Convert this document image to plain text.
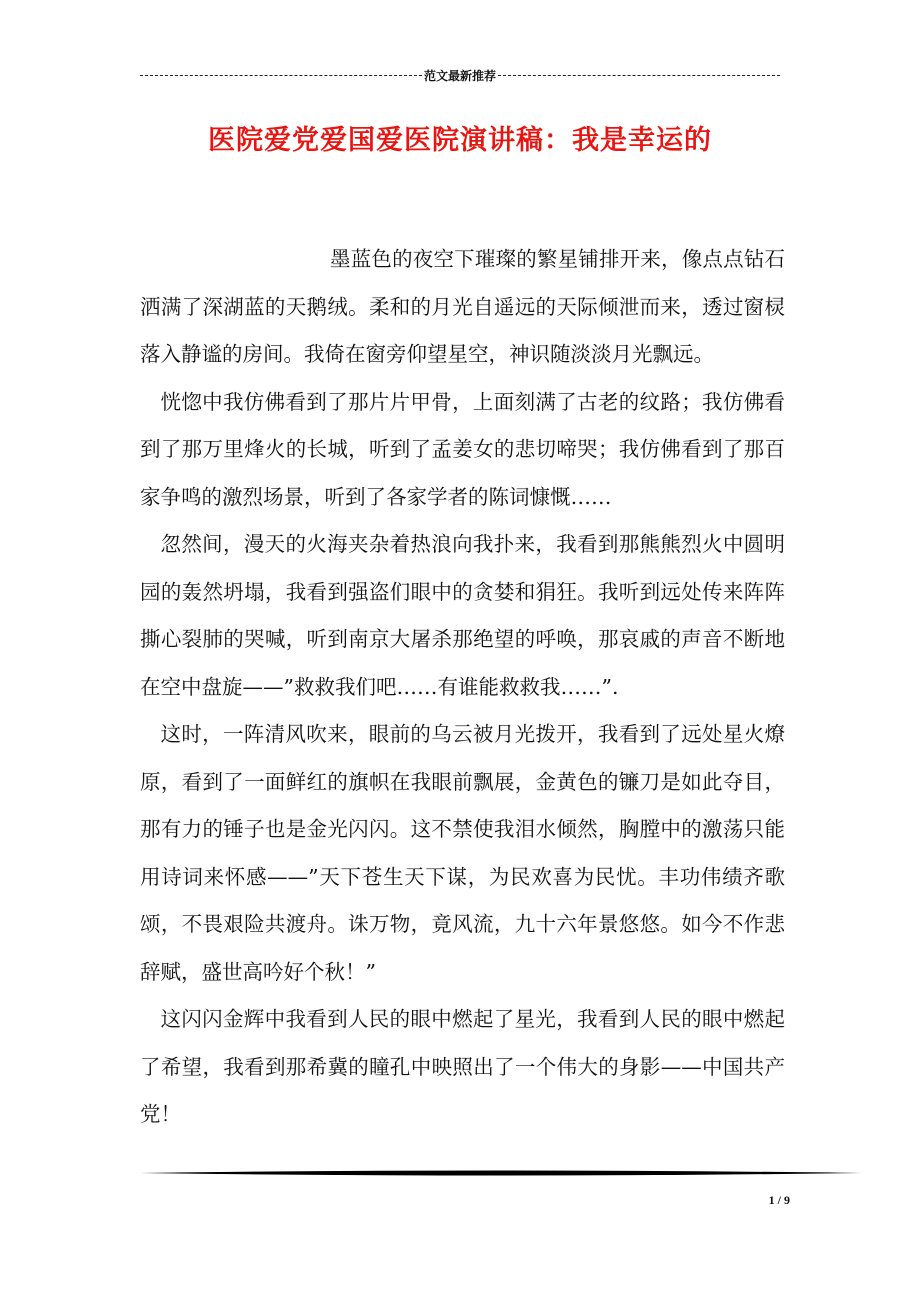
范文最新推荐
医院爱党爱国爱医院演讲稿：我是幸运的

墨蓝色的夜空下璀璨的繁星铺排开来，像点点钻石洒满了深湖蓝的天鹅绒。柔和的月光自遥远的天际倾泄而来，透过窗棂落入静谧的房间。我倚在窗旁仰望星空，神识随淡淡月光飘远。

恍惚中我仿佛看到了那片片甲骨，上面刻满了古老的纹路；我仿佛看到了那万里烽火的长城，听到了孟姜女的悲切啼哭；我仿佛看到了那百家争鸣的激烈场景，听到了各家学者的陈词慷慨……

忽然间，漫天的火海夹杂着热浪向我扑来，我看到那熊熊烈火中圆明园的轰然坍塌，我看到强盗们眼中的贪婪和狷狂。我听到远处传来阵阵撕心裂肺的哭喊，听到南京大屠杀那绝望的呼唤，那哀戚的声音不断地在空中盘旋——”救救我们吧……有谁能救救我……”.

这时，一阵清风吹来，眼前的乌云被月光拨开，我看到了远处星火燎原，看到了一面鲜红的旗帜在我眼前飘展，金黄色的镰刀是如此夺目，那有力的锤子也是金光闪闪。这不禁使我泪水倾然，胸膛中的激荡只能用诗词来怀感——”天下苍生天下谋，为民欢喜为民忧。丰功伟绩齐歌颂，不畏艰险共渡舟。诛万物，竟风流，九十六年景悠悠。如今不作悲辞赋，盛世高吟好个秋！”

这闪闪金辉中我看到人民的眼中燃起了星光，我看到人民的眼中燃起了希望，我看到那希冀的瞳孔中映照出了一个伟大的身影——中国共产党！

1 / 9
